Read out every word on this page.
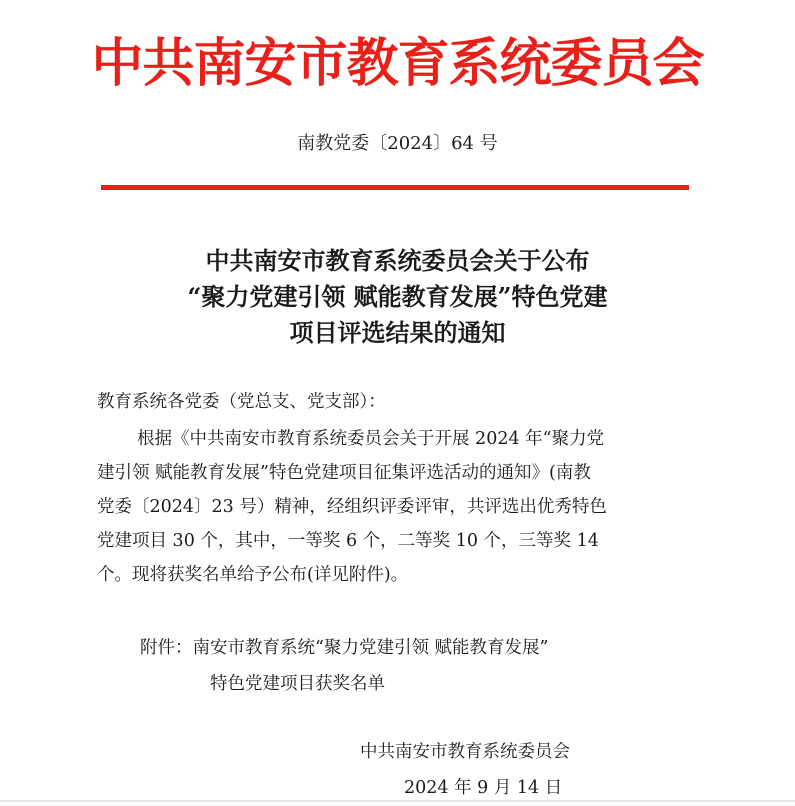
中共南安市教育系统委员会
南教党委〔2024〕64 号
中共南安市教育系统委员会关于公布
“聚力党建引领 赋能教育发展”特色党建
项目评选结果的通知
教育系统各党委（党总支、党支部）：
根据《中共南安市教育系统委员会关于开展 2024 年“聚力党
建引领 赋能教育发展”特色党建项目征集评选活动的通知》(南教
党委〔2024〕23 号）精神，经组织评委评审，共评选出优秀特色
党建项目 30 个，其中，一等奖 6 个，二等奖 10 个，三等奖 14
个。现将获奖名单给予公布(详见附件)。
附件：南安市教育系统“聚力党建引领 赋能教育发展”
特色党建项目获奖名单
中共南安市教育系统委员会
2024 年 9 月 14 日
